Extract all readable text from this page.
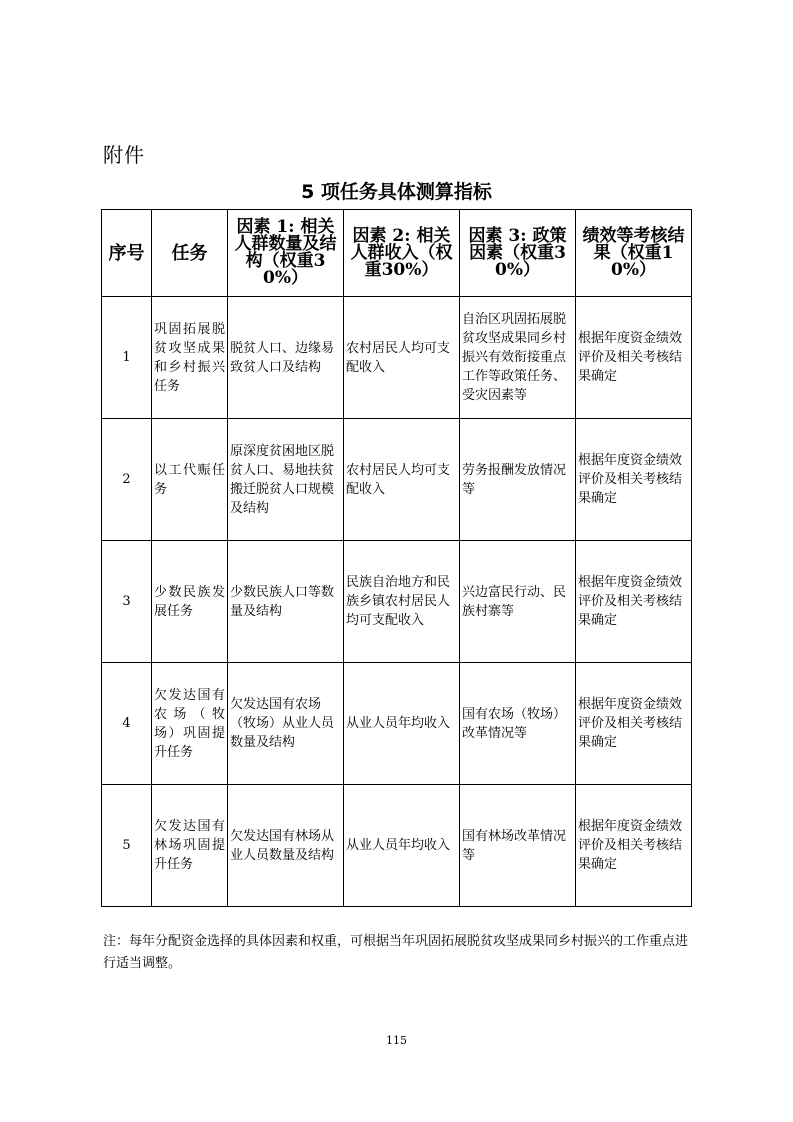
附件
5 项任务具体测算指标
序号	任务	因素 1: 相关人群数量及结构（权重30%）	因素 2: 相关人群收入（权重30%）	因素 3: 政策因素（权重30%）	绩效等考核结果（权重10%）
1	巩固拓展脱贫攻坚成果和乡村振兴任务	脱贫人口、边缘易致贫人口及结构	农村居民人均可支配收入	自治区巩固拓展脱贫攻坚成果同乡村振兴有效衔接重点工作等政策任务、受灾因素等	根据年度资金绩效评价及相关考核结果确定
2	以工代赈任务	原深度贫困地区脱贫人口、易地扶贫搬迁脱贫人口规模及结构	农村居民人均可支配收入	劳务报酬发放情况等	根据年度资金绩效评价及相关考核结果确定
3	少数民族发展任务	少数民族人口等数量及结构	民族自治地方和民族乡镇农村居民人均可支配收入	兴边富民行动、民族村寨等	根据年度资金绩效评价及相关考核结果确定
4	欠发达国有农场（牧场）巩固提升任务	欠发达国有农场（牧场）从业人员数量及结构	从业人员年均收入	国有农场（牧场）改革情况等	根据年度资金绩效评价及相关考核结果确定
5	欠发达国有林场巩固提升任务	欠发达国有林场从业人员数量及结构	从业人员年均收入	国有林场改革情况等	根据年度资金绩效评价及相关考核结果确定
注：每年分配资金选择的具体因素和权重，可根据当年巩固拓展脱贫攻坚成果同乡村振兴的工作重点进行适当调整。
115
